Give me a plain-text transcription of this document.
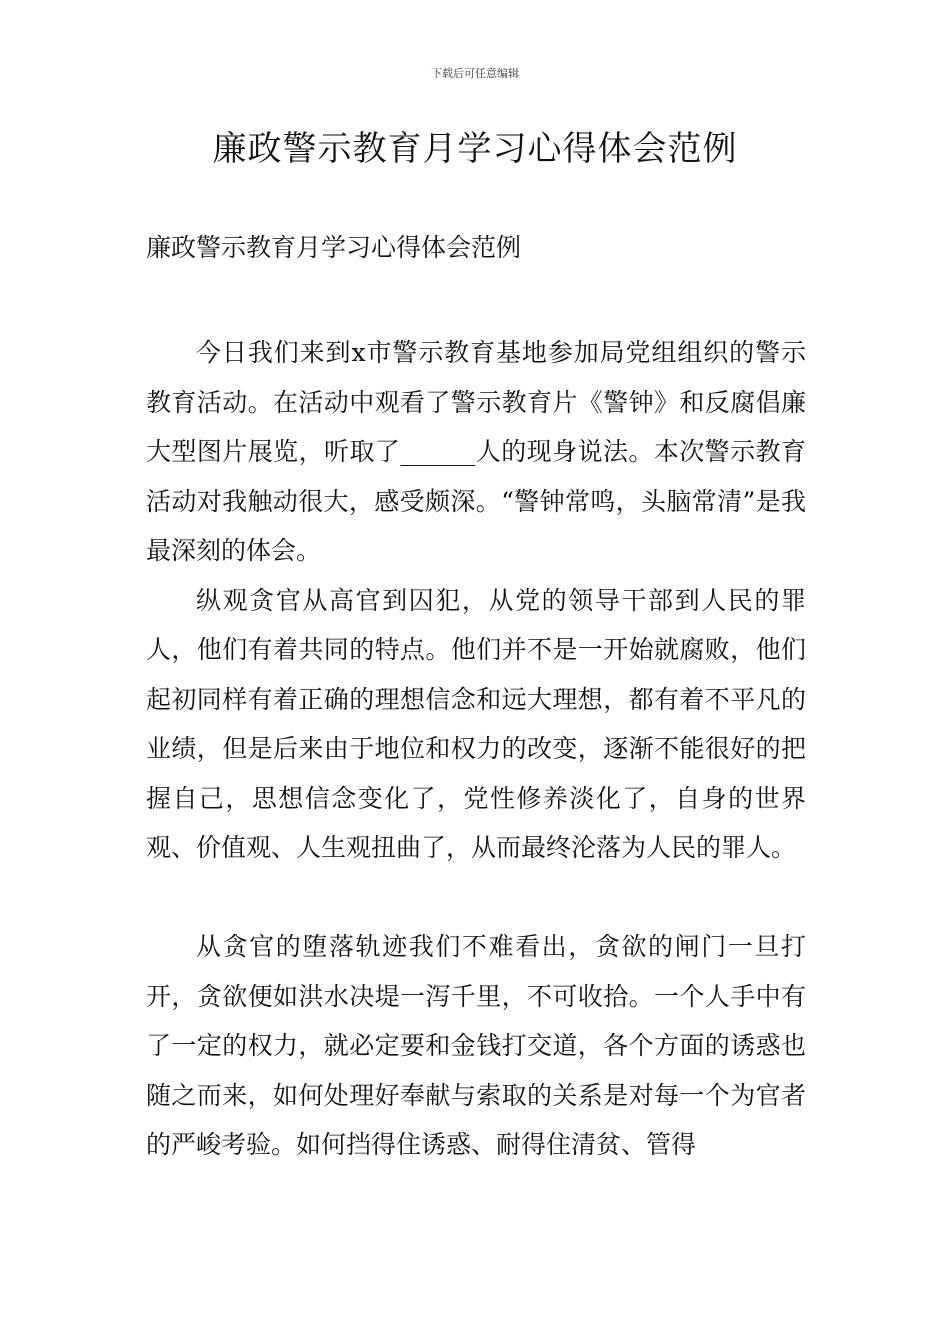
下载后可任意编辑
廉政警示教育月学习心得体会范例
廉政警示教育月学习心得体会范例

今日我们来到x市警示教育基地参加局党组组织的警示教育活动。在活动中观看了警示教育片《警钟》和反腐倡廉大型图片展览，听取了______人的现身说法。本次警示教育活动对我触动很大，感受颇深。“警钟常鸣，头脑常清”是我最深刻的体会。

纵观贪官从高官到囚犯，从党的领导干部到人民的罪人，他们有着共同的特点。他们并不是一开始就腐败，他们起初同样有着正确的理想信念和远大理想，都有着不平凡的业绩，但是后来由于地位和权力的改变，逐渐不能很好的把握自己，思想信念变化了，党性修养淡化了，自身的世界观、价值观、人生观扭曲了，从而最终沦落为人民的罪人。

从贪官的堕落轨迹我们不难看出，贪欲的闸门一旦打开，贪欲便如洪水决堤一泻千里，不可收拾。一个人手中有了一定的权力，就必定要和金钱打交道，各个方面的诱惑也随之而来，如何处理好奉献与索取的关系是对每一个为官者的严峻考验。如何挡得住诱惑、耐得住清贫、管得
